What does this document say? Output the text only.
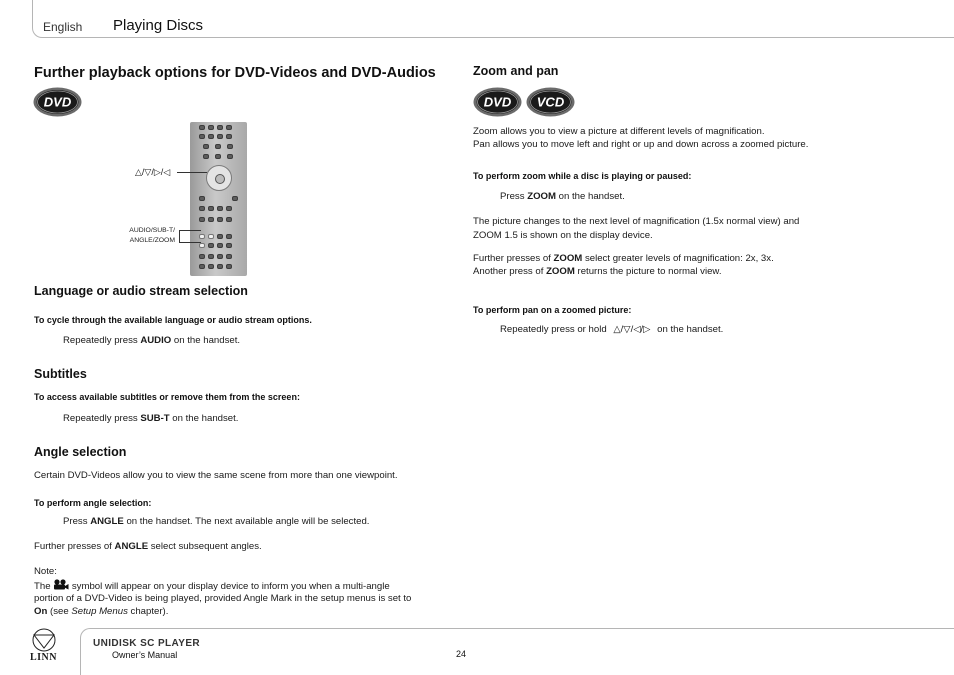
English Playing Discs
Further playback options for DVD-Videos and DVD-Audios
DVD
△/▽/▷/◁
AUDIO/SUB-T/
ANGLE/ZOOM
Language or audio stream selection
To cycle through the available language or audio stream options.
Repeatedly press AUDIO on the handset.
Subtitles
To access available subtitles or remove them from the screen:
Repeatedly press SUB-T on the handset.
Angle selection
Certain DVD-Videos allow you to view the same scene from more than one viewpoint.
To perform angle selection:
Press ANGLE on the handset. The next available angle will be selected.
Further presses of ANGLE select subsequent angles.
Note:
The  symbol will appear on your display device to inform you when a multi-angle
portion of a DVD-Video is being played, provided Angle Mark in the setup menus is set to
On (see Setup Menus chapter).
Zoom and pan
DVD VCD
Zoom allows you to view a picture at different levels of magnification.
Pan allows you to move left and right or up and down across a zoomed picture.
To perform zoom while a disc is playing or paused:
Press ZOOM on the handset.
The picture changes to the next level of magnification (1.5x normal view) and
ZOOM 1.5 is shown on the display device.
Further presses of ZOOM select greater levels of magnification: 2x, 3x.
Another press of ZOOM returns the picture to normal view.
To perform pan on a zoomed picture:
Repeatedly press or hold △/▽/◁/▷ on the handset.
LINN
UNIDISK SC PLAYER
Owner’s Manual	24
